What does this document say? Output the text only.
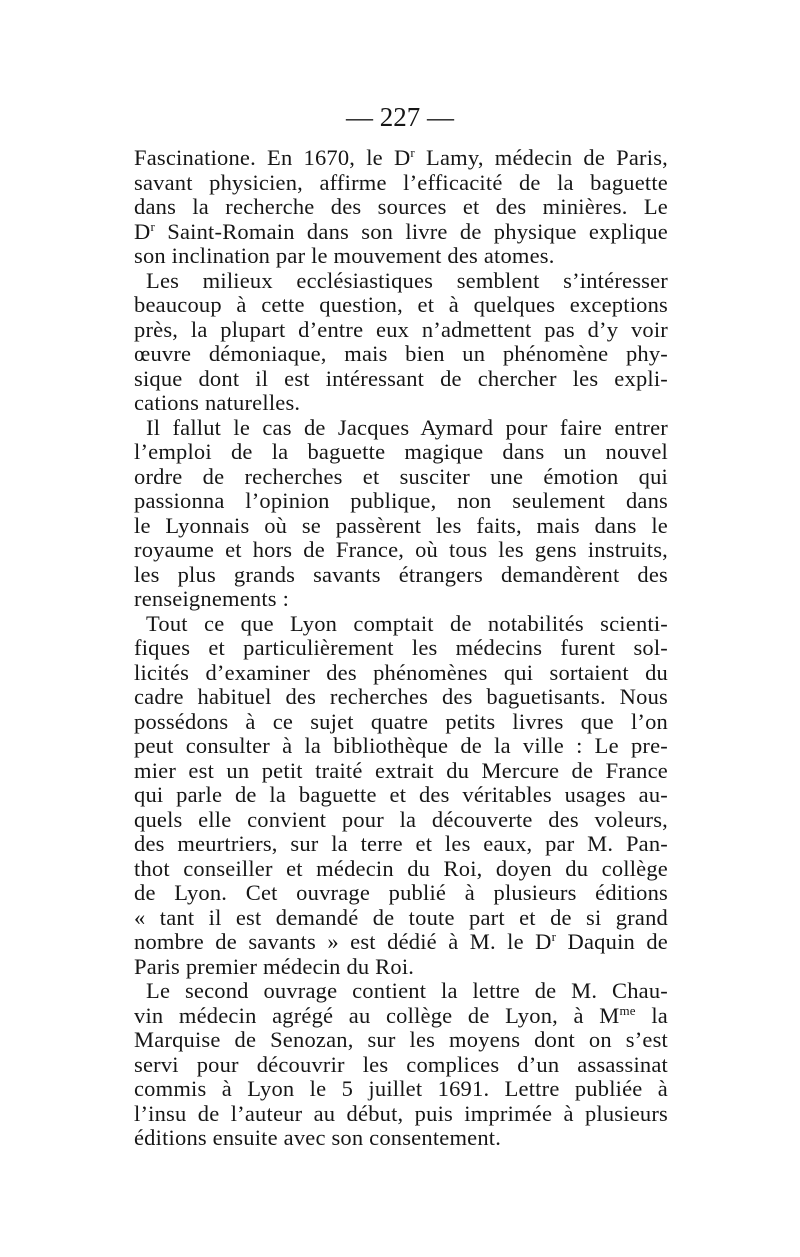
— 227 —
Fascinatione. En 1670, le $D^r$ Lamy, médecin de Paris,
savant physicien, affirme l’efficacité de la baguette
dans la recherche des sources et des minières. Le
$D^r$ Saint-Romain dans son livre de physique explique
son inclination par le mouvement des atomes.
Les milieux ecclésiastiques semblent s’intéresser
beaucoup à cette question, et à quelques exceptions
près, la plupart d’entre eux n’admettent pas d’y voir
œuvre démoniaque, mais bien un phénomène phy-
sique dont il est intéressant de chercher les expli-
cations naturelles.
Il fallut le cas de Jacques Aymard pour faire entrer
l’emploi de la baguette magique dans un nouvel
ordre de recherches et susciter une émotion qui
passionna l’opinion publique, non seulement dans
le Lyonnais où se passèrent les faits, mais dans le
royaume et hors de France, où tous les gens instruits,
les plus grands savants étrangers demandèrent des
renseignements :
Tout ce que Lyon comptait de notabilités scienti-
fiques et particulièrement les médecins furent sol-
licités d’examiner des phénomènes qui sortaient du
cadre habituel des recherches des baguetisants. Nous
possédons à ce sujet quatre petits livres que l’on
peut consulter à la bibliothèque de la ville : Le pre-
mier est un petit traité extrait du Mercure de France
qui parle de la baguette et des véritables usages au-
quels elle convient pour la découverte des voleurs,
des meurtriers, sur la terre et les eaux, par M. Pan-
thot conseiller et médecin du Roi, doyen du collège
de Lyon. Cet ouvrage publié à plusieurs éditions
« tant il est demandé de toute part et de si grand
nombre de savants » est dédié à M. le $D^r$ Daquin de
Paris premier médecin du Roi.
Le second ouvrage contient la lettre de M. Chau-
vin médecin agrégé au collège de Lyon, à $M^{me}$ la
Marquise de Senozan, sur les moyens dont on s’est
servi pour découvrir les complices d’un assassinat
commis à Lyon le 5 juillet 1691. Lettre publiée à
l’insu de l’auteur au début, puis imprimée à plusieurs
éditions ensuite avec son consentement.
